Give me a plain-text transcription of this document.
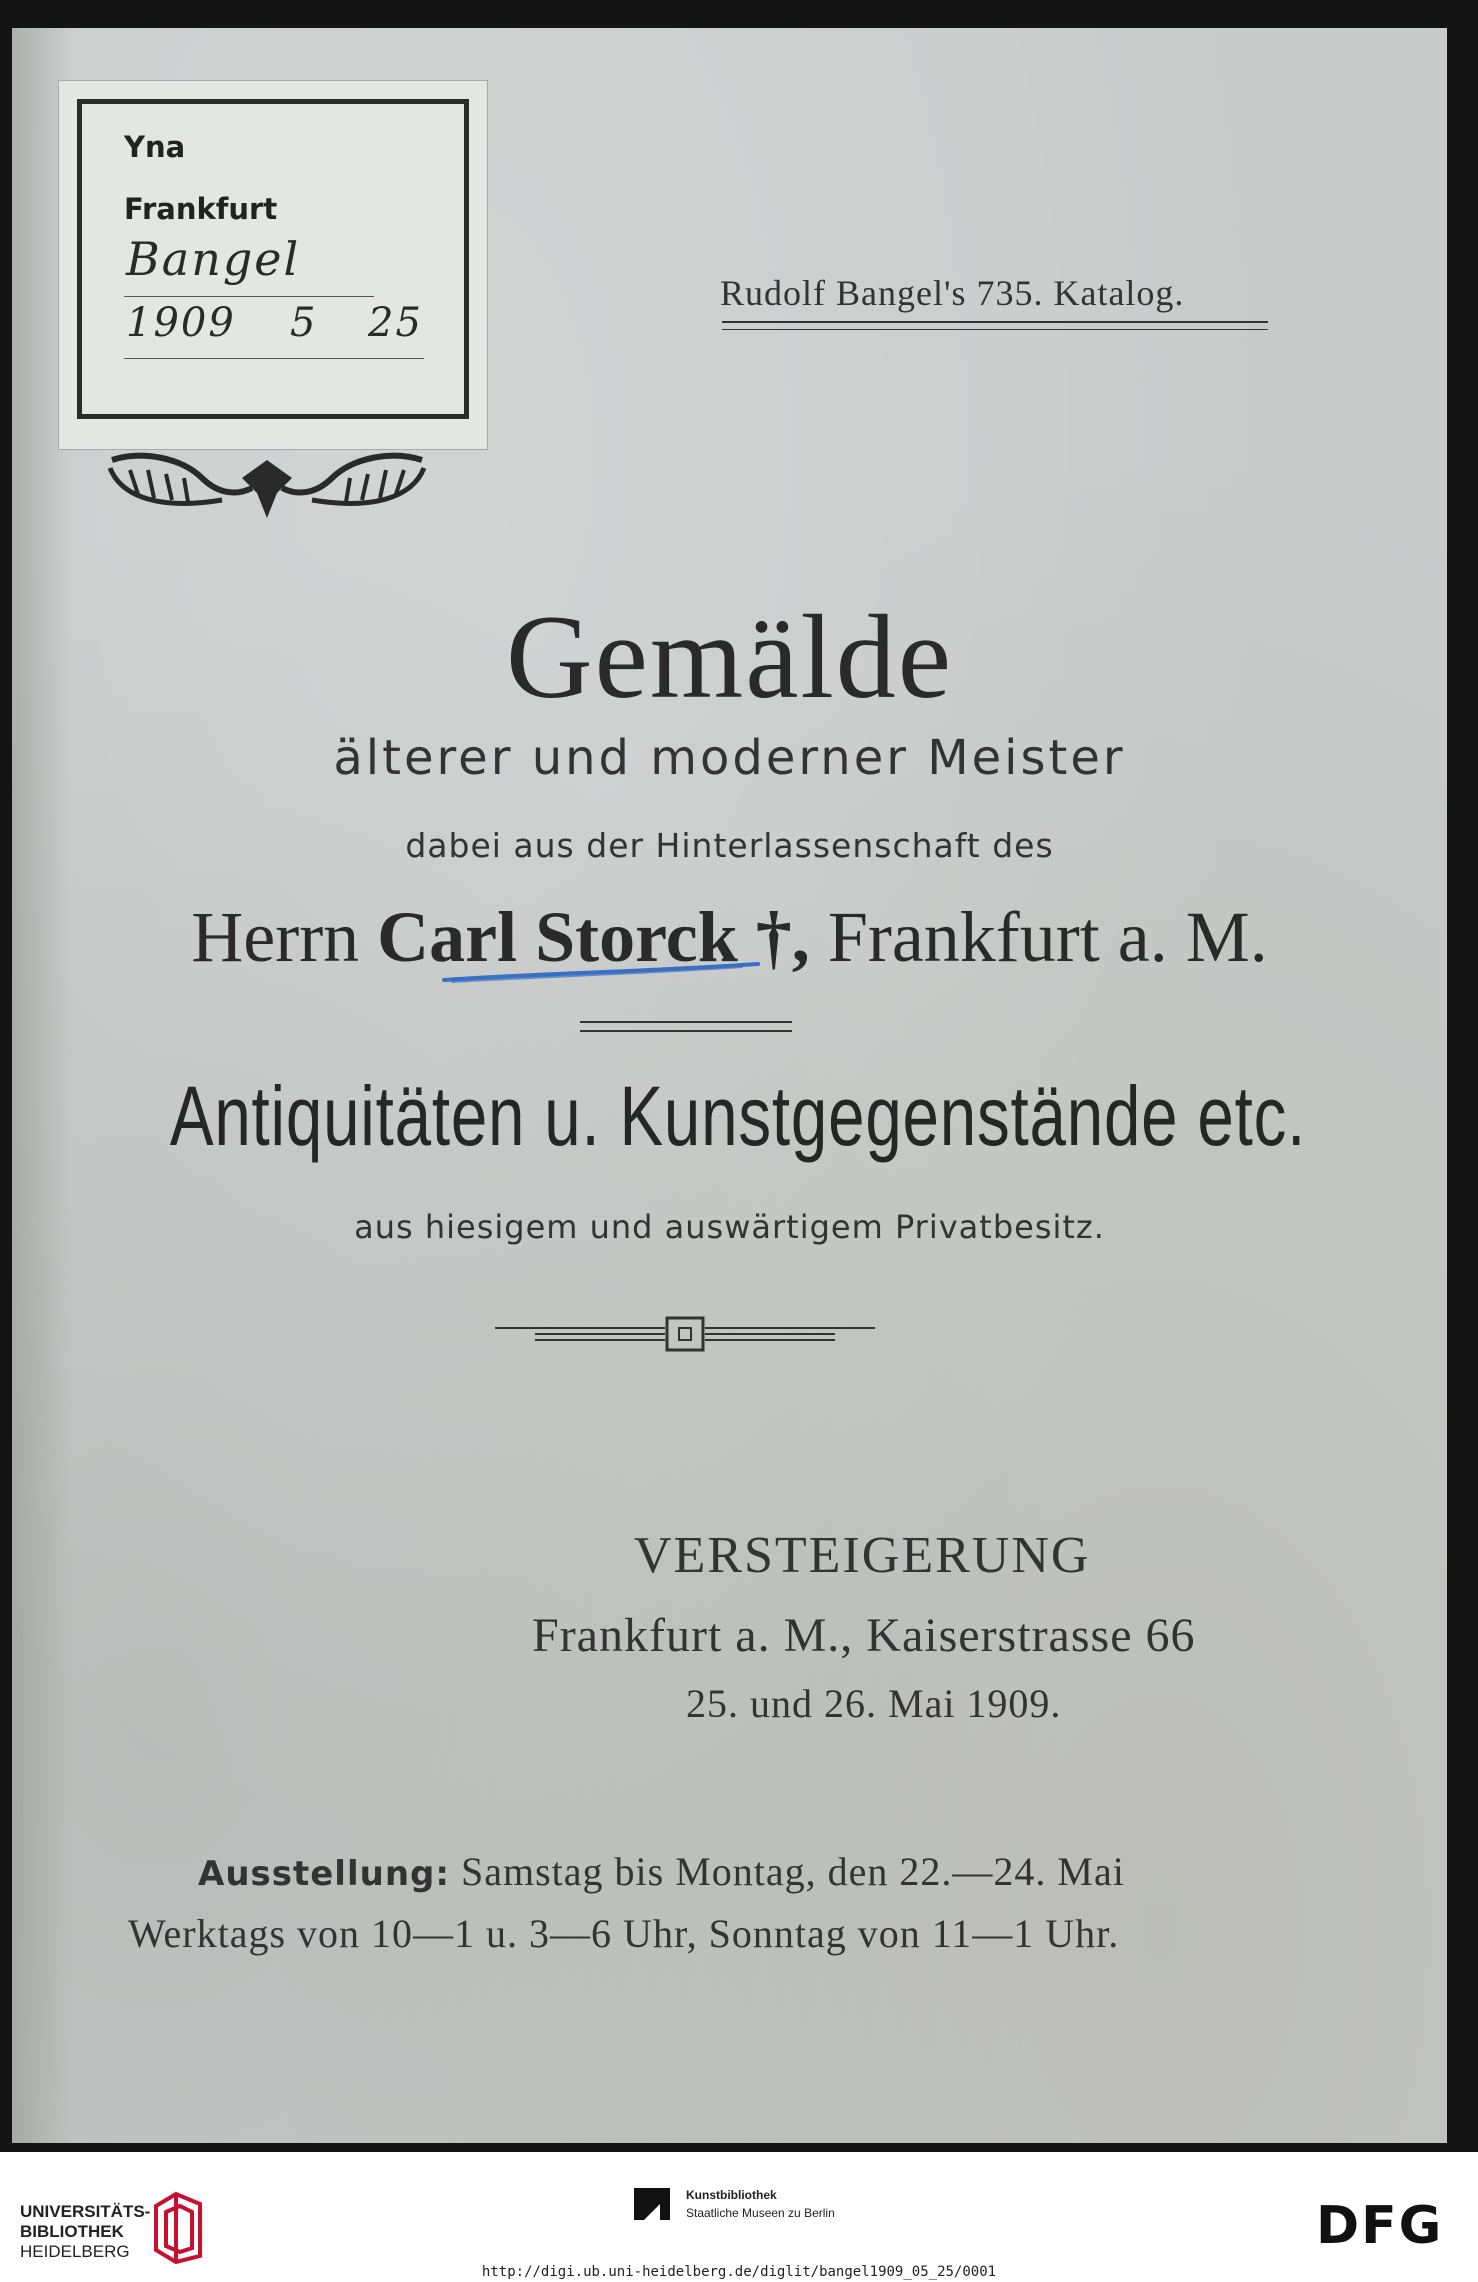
Yna
Frankfurt
Bangel
1909 5 25
Rudolf Bangel's 735. Katalog.
Gemälde
älterer und moderner Meister
dabei aus der Hinterlassenschaft des
Herrn Carl Storck †, Frankfurt a. M.
Antiquitäten u. Kunstgegenstände etc.
aus hiesigem und auswärtigem Privatbesitz.
VERSTEIGERUNG
Frankfurt a. M., Kaiserstrasse 66
25. und 26. Mai 1909.
Ausstellung: Samstag bis Montag, den 22.—24. Mai
Werktags von 10—1 u. 3—6 Uhr, Sonntag von 11—1 Uhr.
UNIVERSITÄTS-
BIBLIOTHEK
HEIDELBERG
Kunstbibliothek
Staatliche Museen zu Berlin	DFG
http://digi.ub.uni-heidelberg.de/diglit/bangel1909_05_25/0001
